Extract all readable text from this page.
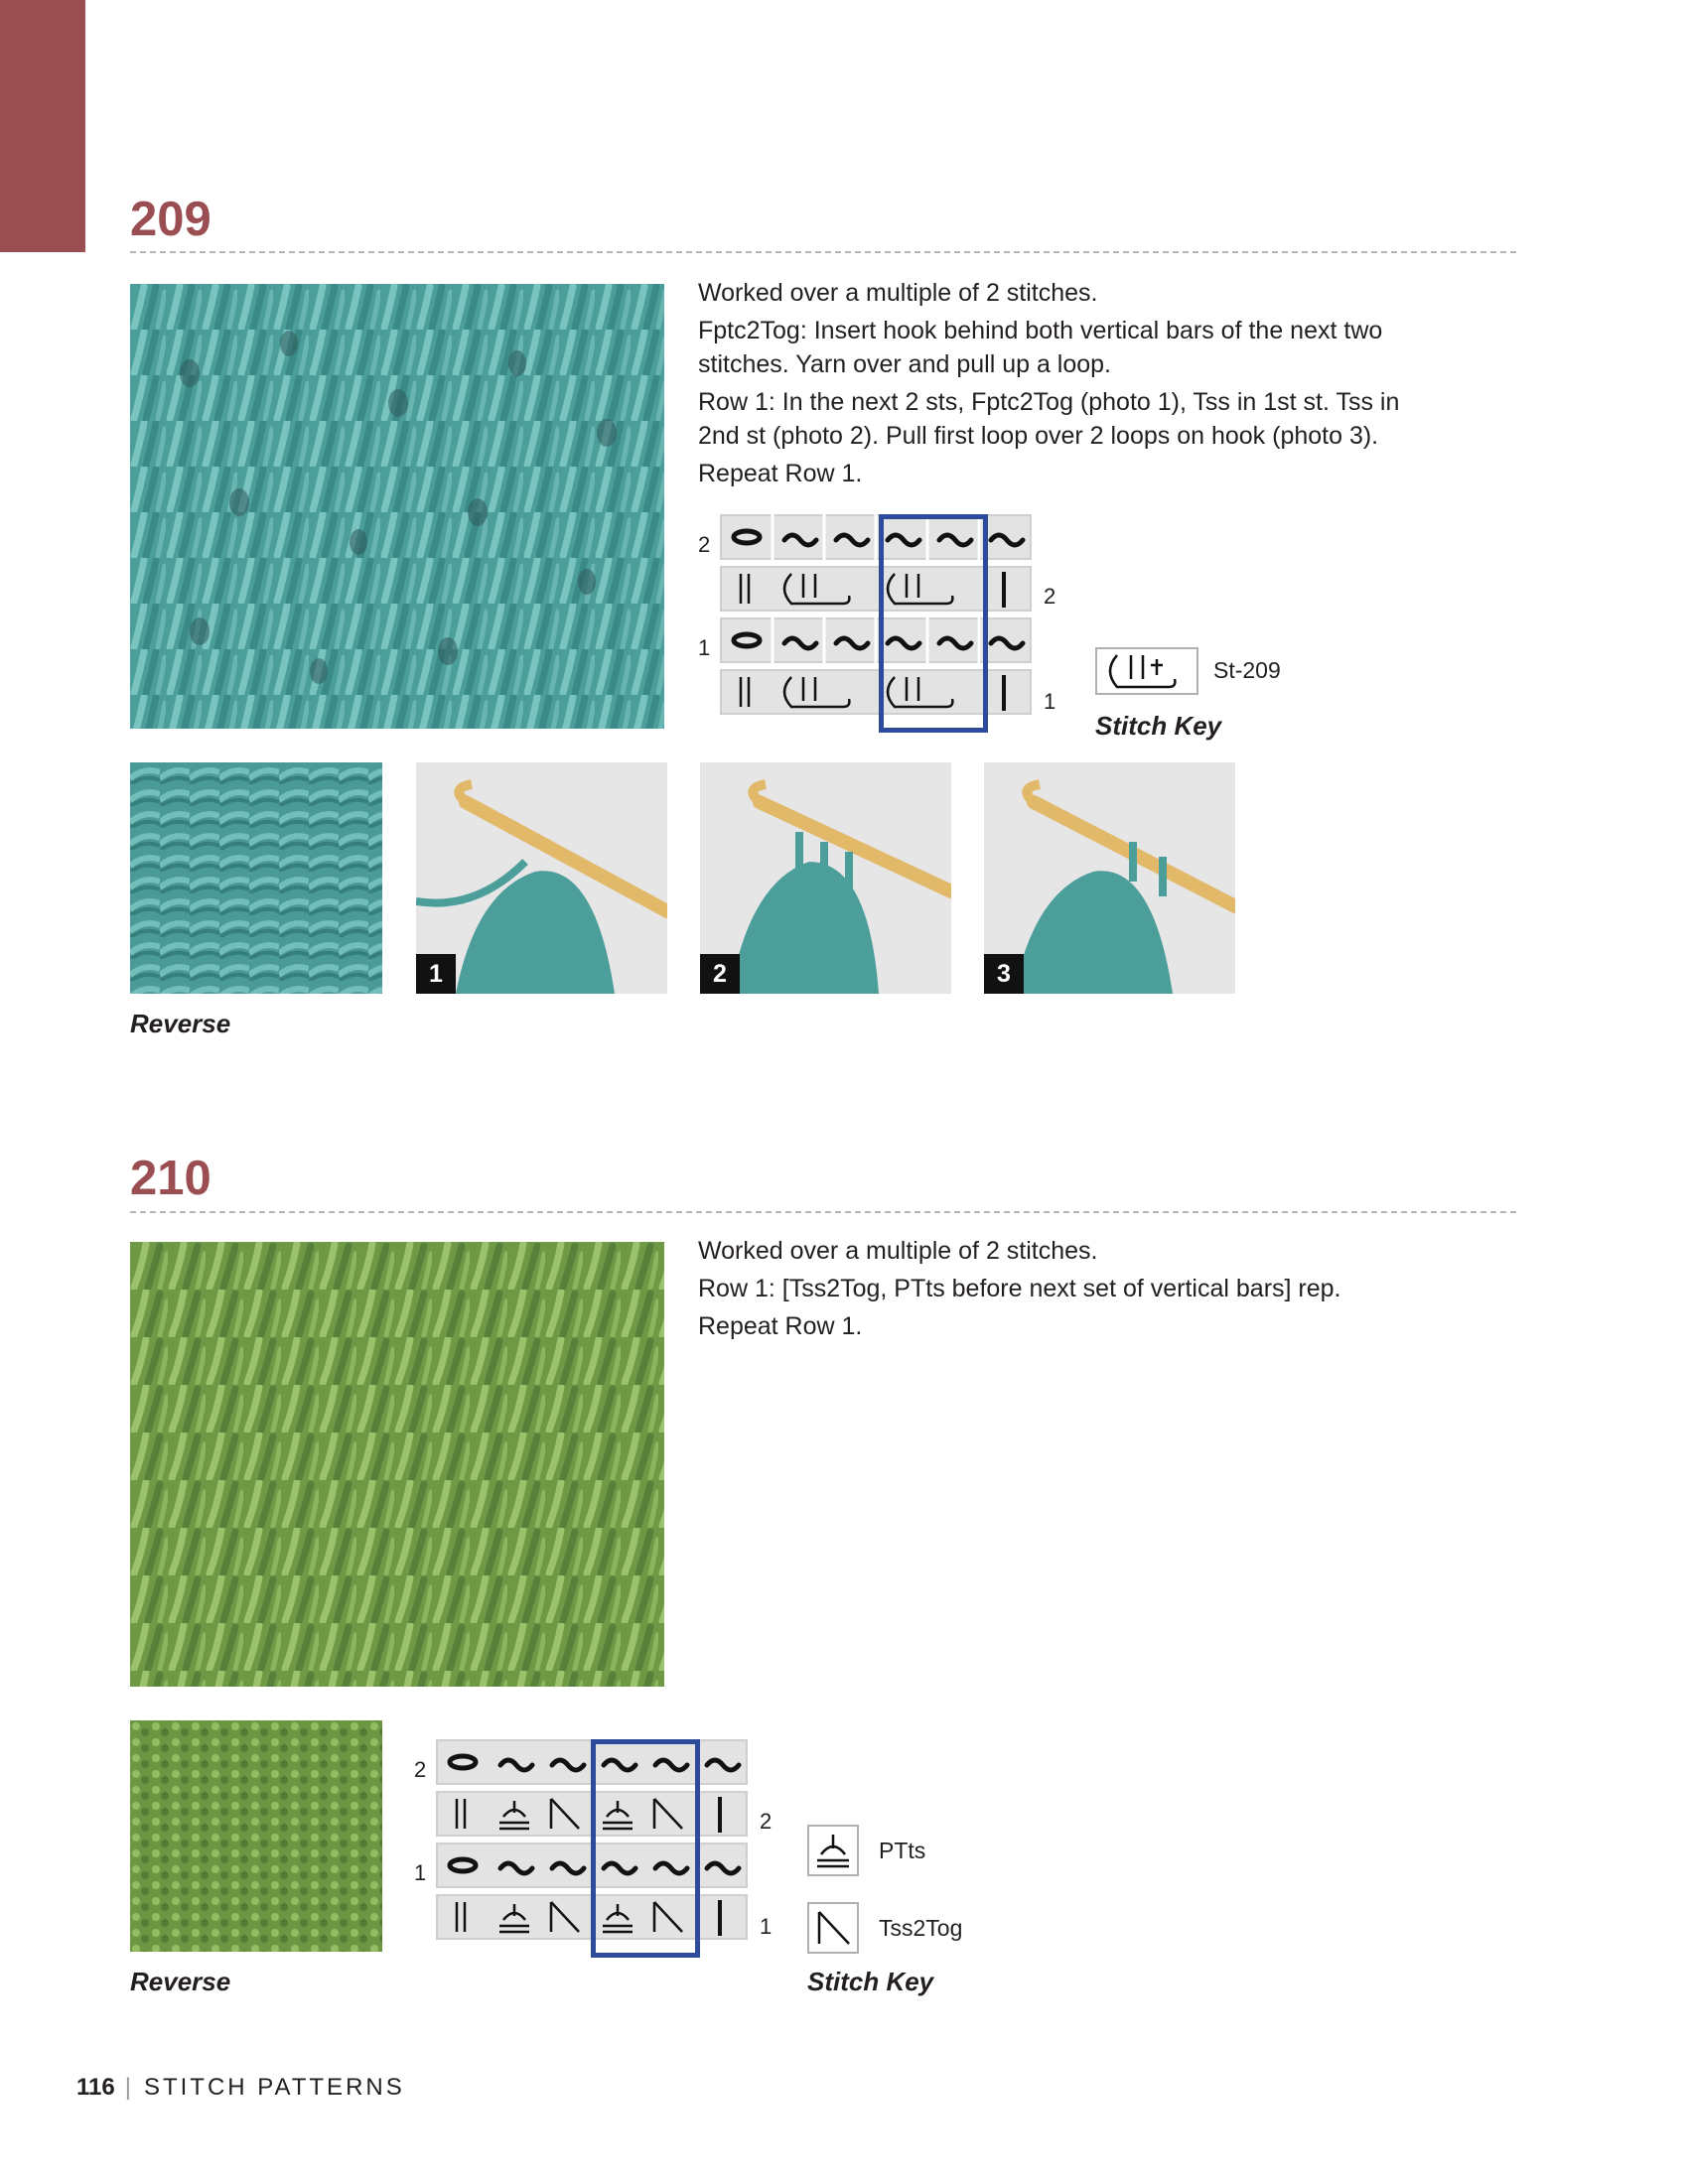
209

Worked over a multiple of 2 stitches.

Fptc2Tog: Insert hook behind both vertical bars of the next two stitches. Yarn over and pull up a loop.

Row 1: In the next 2 sts, Fptc2Tog (photo 1), Tss in 1st st. Tss in 2nd st (photo 2). Pull first loop over 2 loops on hook (photo 3).

Repeat Row 1.

2
1
2
1
St-209
Stitch Key
Reverse
1	2	3
210

Worked over a multiple of 2 stitches.

Row 1: [Tss2Tog, PTts before next set of vertical bars] rep.

Repeat Row 1.

Reverse
2
1
2
1
PTts
Tss2Tog
Stitch Key
116 | STITCH PATTERNS
